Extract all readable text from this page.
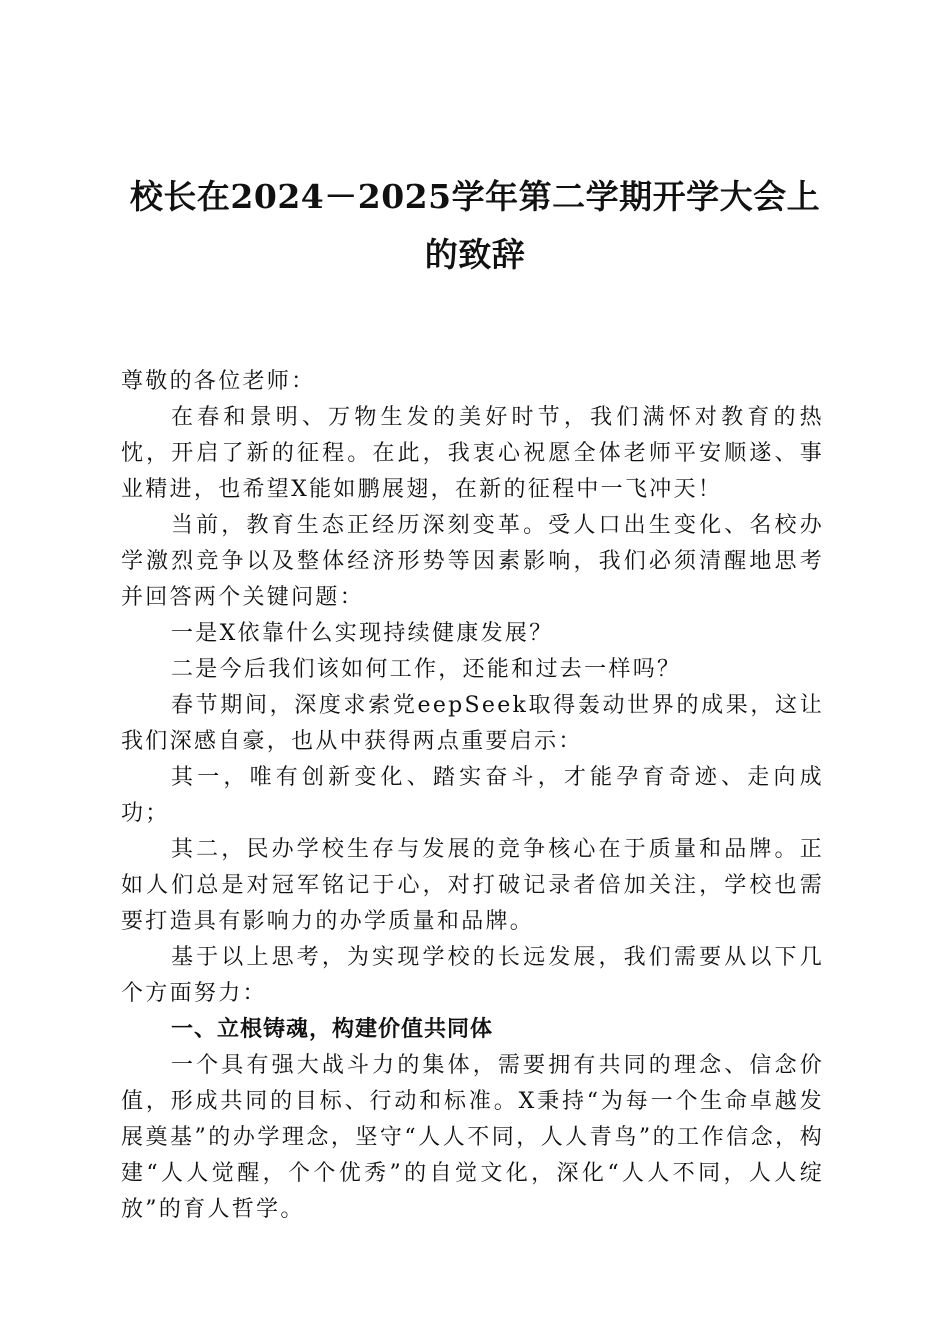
校长在2024－2025学年第二学期开学大会上
的致辞

尊敬的各位老师：

在春和景明、万物生发的美好时节，我们满怀对教育的热忱，开启了新的征程。在此，我衷心祝愿全体老师平安顺遂、事业精进，也希望X能如鹏展翅，在新的征程中一飞冲天！

当前，教育生态正经历深刻变革。受人口出生变化、名校办学激烈竞争以及整体经济形势等因素影响，我们必须清醒地思考并回答两个关键问题：

一是X依靠什么实现持续健康发展？

二是今后我们该如何工作，还能和过去一样吗？

春节期间，深度求索党eepSeek取得轰动世界的成果，这让我们深感自豪，也从中获得两点重要启示：

其一，唯有创新变化、踏实奋斗，才能孕育奇迹、走向成功；

其二，民办学校生存与发展的竞争核心在于质量和品牌。正如人们总是对冠军铭记于心，对打破记录者倍加关注，学校也需要打造具有影响力的办学质量和品牌。

基于以上思考，为实现学校的长远发展，我们需要从以下几个方面努力：

一、立根铸魂，构建价值共同体

一个具有强大战斗力的集体，需要拥有共同的理念、信念价值，形成共同的目标、行动和标准。X秉持“为每一个生命卓越发展奠基”的办学理念，坚守“人人不同，人人青鸟”的工作信念，构建“人人觉醒，个个优秀”的自觉文化，深化“人人不同，人人绽放”的育人哲学。
